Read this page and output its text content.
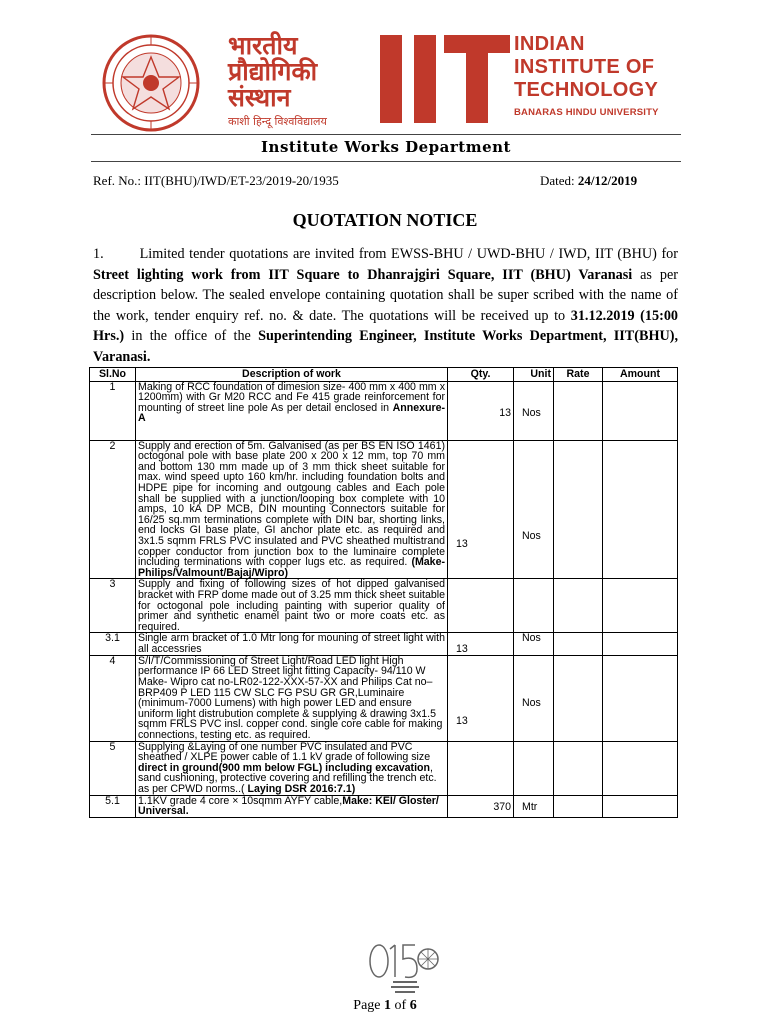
भारतीय
प्रौद्योगिकी
संस्थान
काशी हिन्दू विश्वविद्यालय
INDIAN
INSTITUTE OF
TECHNOLOGY
BANARAS HINDU UNIVERSITY
Institute Works Department
Ref. No.: IIT(BHU)/IWD/ET-23/2019-20/1935	Dated: 24/12/2019
QUOTATION NOTICE
1.	Limited tender quotations are invited from EWSS-BHU / UWD-BHU / IWD, IIT (BHU) for Street lighting work from IIT Square to Dhanrajgiri Square, IIT (BHU) Varanasi as per description below. The sealed envelope containing quotation shall be super scribed with the name of the work, tender enquiry ref. no. & date. The quotations will be received up to 31.12.2019 (15:00 Hrs.) in the office of the Superintending Engineer, Institute Works Department, IIT(BHU), Varanasi.
Sl.No	Description of work	Qty.	Unit	Rate	Amount
1	Making of RCC foundation of dimesion size- 400 mm x 400 mm x 1200mm) with Gr M20 RCC and Fe 415 grade reinforcement for mounting of street line pole As per detail enclosed in Annexure-A	13	Nos		
2	Supply and erection of 5m. Galvanised (as per BS EN ISO 1461) octogonal pole with base plate 200 x 200 x 12 mm, top 70 mm and bottom 130 mm made up of 3 mm thick sheet suitable for max. wind speed upto 160 km/hr. including foundation bolts and HDPE pipe for incoming and outgoung cables and Each pole shall be supplied with a junction/looping box complete with 10 amps, 10 kA DP MCB, DIN mounting Connectors suitable for 16/25 sq.mm terminations complete with DIN bar, shorting links, end locks GI base plate, GI anchor plate etc. as required and 3x1.5 sqmm FRLS PVC insulated and PVC sheathed multistrand copper conductor from junction box to the luminaire complete including terminations with copper lugs etc. as required. (Make- Philips/Valmount/Bajaj/Wipro)	13	Nos		
3	Supply and fixing of following sizes of hot dipped galvanised bracket with FRP dome made out of 3.25 mm thick sheet suitable for octogonal pole including painting with superior quality of primer and synthetic enamel paint two or more coats etc. as required.				
3.1	Single arm bracket of 1.0 Mtr long for mouning of street light with all accessries	13	Nos		
4	S/I/T/Commissioning of Street Light/Road LED light High performance IP 66 LED Street light fitting Capacity- 94/110 W Make- Wipro cat no-LR02-122-XXX-57-XX and Philips Cat no–BRP409 P LED 115 CW SLC FG PSU GR GR,Luminaire (minimum-7000 Lumens) with high power LED and ensure uniform light distrubution complete & supplying & drawing 3x1.5 sqmm FRLS PVC insl. copper cond. single core cable for making connections, testing etc. as required.	13	Nos		
5	Supplying &Laying of one number PVC insulated and PVC sheathed / XLPE power cable of 1.1 kV grade of following size direct in ground(900 mm below FGL) including excavation, sand cushioning, protective covering and refilling the trench etc. as per CPWD norms..( Laying DSR 2016:7.1)				
5.1	1.1KV grade 4 core × 10sqmm AYFY cable,Make: KEI/ Gloster/ Universal.	370	Mtr		
Page 1 of 6
